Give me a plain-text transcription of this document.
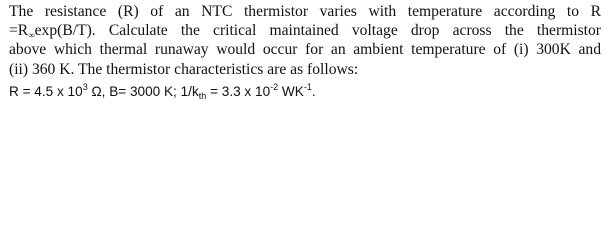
The resistance (R) of an NTC thermistor varies with temperature according to R
$=R_\infty\exp(B/T)$. Calculate the critical maintained voltage drop across the thermistor
above which thermal runaway would occur for an ambient temperature of (i) 300K and
(ii) 360 K. The thermistor characteristics are as follows:

R = 4.5 x $10^3$ Ω, B= 3000 K; $1/k_{th} = 3.3$ x $10^{-2}$ $WK^{-1}$.
